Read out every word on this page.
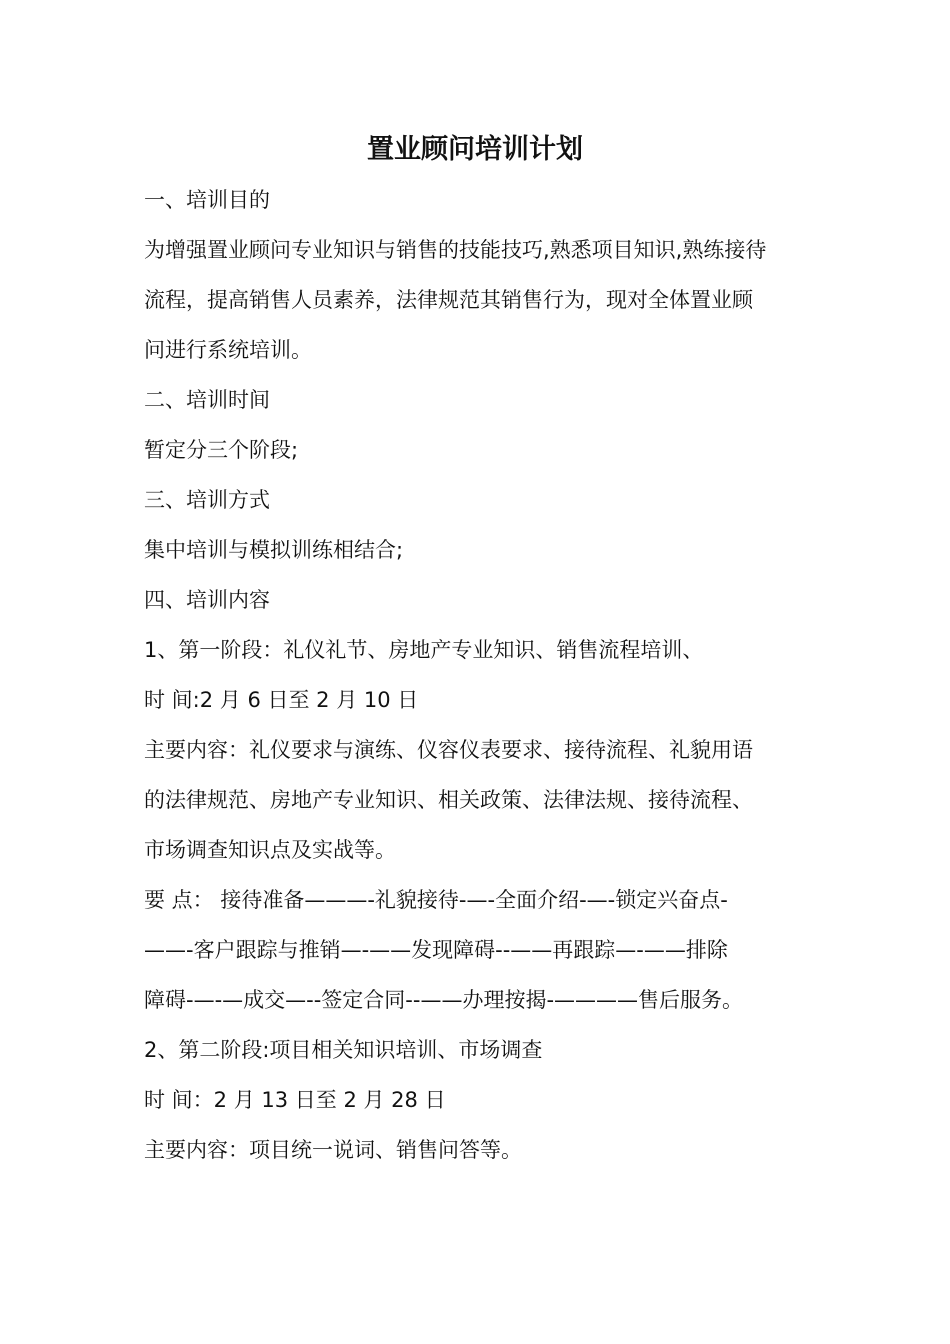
置业顾问培训计划
一、培训目的
为增强置业顾问专业知识与销售的技能技巧,熟悉项目知识,熟练接待
流程，提高销售人员素养，法律规范其销售行为，现对全体置业顾
问进行系统培训。
二、培训时间
暂定分三个阶段;
三、培训方式
集中培训与模拟训练相结合;
四、培训内容
1、第一阶段：礼仪礼节、房地产专业知识、销售流程培训、
时 间:2 月 6 日至 2 月 10 日
主要内容：礼仪要求与演练、仪容仪表要求、接待流程、礼貌用语
的法律规范、房地产专业知识、相关政策、法律法规、接待流程、
市场调查知识点及实战等。
要 点： 接待准备———-礼貌接待-—-全面介绍-—-锁定兴奋点-
——-客户跟踪与推销—-——发现障碍--——再跟踪—-——排除
障碍-—-—成交—--签定合同--——办理按揭-————售后服务。
2、第二阶段:项目相关知识培训、市场调查
时 间：2 月 13 日至 2 月 28 日
主要内容：项目统一说词、销售问答等。
